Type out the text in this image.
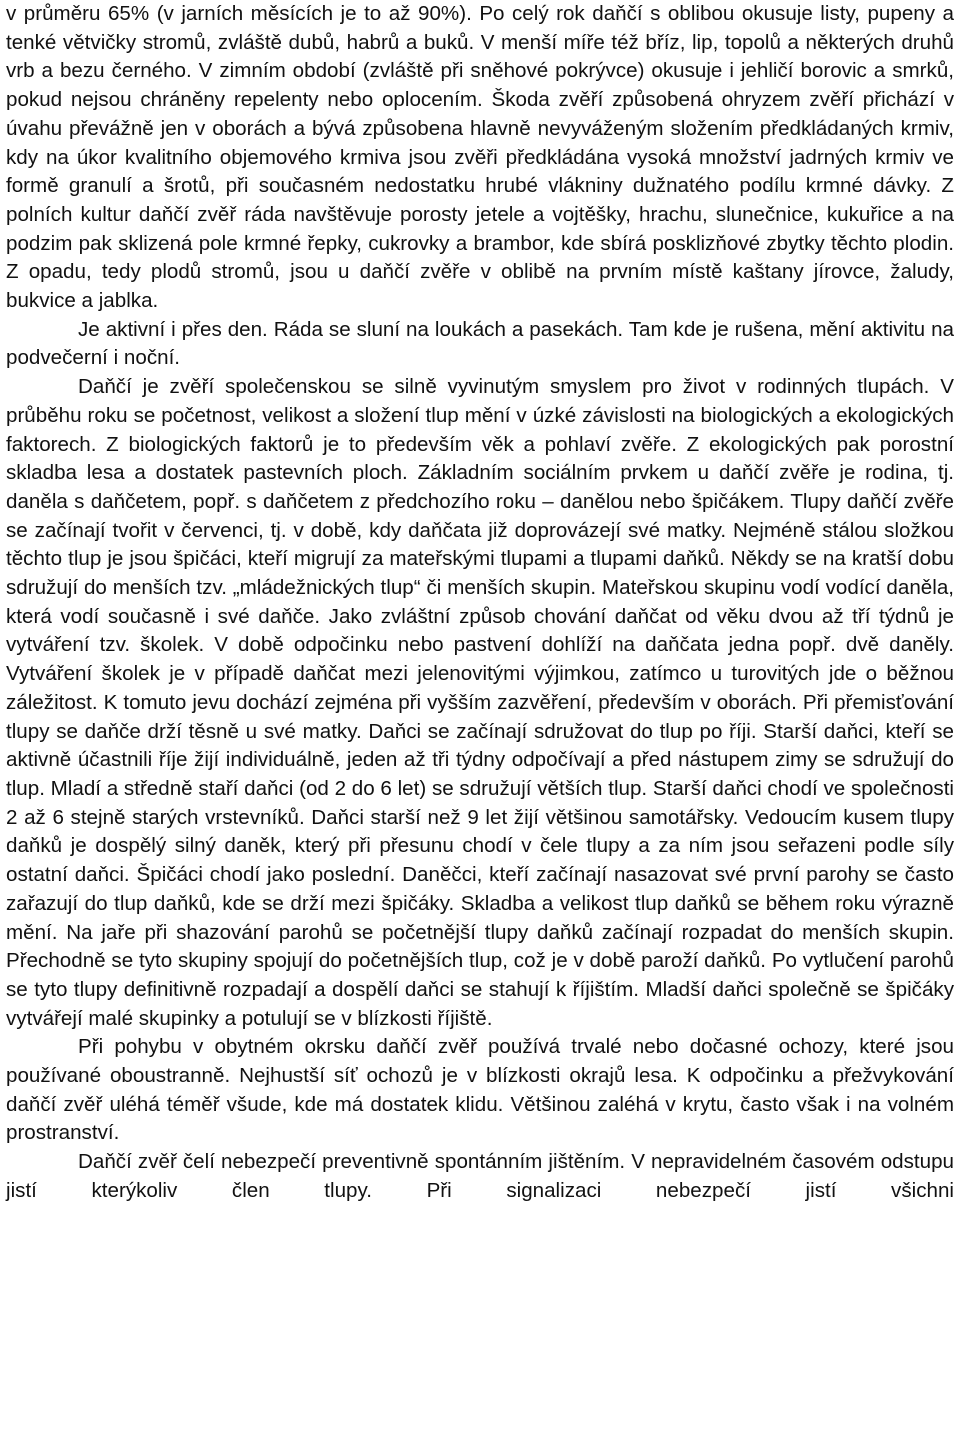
v průměru 65% (v jarních měsících je to až 90%). Po celý rok daňčí s oblibou okusuje listy, pupeny a tenké větvičky stromů, zvláště dubů, habrů a buků. V menší míře též bříz, lip, topolů a některých druhů vrb a bezu černého. V zimním období (zvláště při sněhové pokrývce) okusuje i jehličí borovic a smrků, pokud nejsou chráněny repelenty nebo oplocením. Škoda zvěří způsobená ohryzem zvěří přichází v úvahu převážně jen v oborách a bývá způsobena hlavně nevyváženým složením předkládaných krmiv, kdy na úkor kvalitního objemového krmiva jsou zvěři předkládána vysoká množství jadrných krmiv ve formě granulí a šrotů, při současném nedostatku hrubé vlákniny dužnatého podílu krmné dávky. Z polních kultur daňčí zvěř ráda navštěvuje porosty jetele a vojtěšky, hrachu, slunečnice, kukuřice a na podzim pak sklizená pole krmné řepky, cukrovky a brambor, kde sbírá posklizňové zbytky těchto plodin. Z opadu, tedy plodů stromů, jsou u daňčí zvěře v oblibě na prvním místě kaštany jírovce, žaludy, bukvice a jablka.

Je aktivní i přes den. Ráda se sluní na loukách a pasekách. Tam kde je rušena, mění aktivitu na podvečerní i noční.

Daňčí je zvěří společenskou se silně vyvinutým smyslem pro život v rodinných tlupách. V průběhu roku se početnost, velikost a složení tlup mění v úzké závislosti na biologických a ekologických faktorech. Z biologických faktorů je to především věk a pohlaví zvěře. Z ekologických pak porostní skladba lesa a dostatek pastevních ploch. Základním sociálním prvkem u daňčí zvěře je rodina, tj. daněla s daňčetem, popř. s daňčetem z předchozího roku – danělou nebo špičákem. Tlupy daňčí zvěře se začínají tvořit v červenci, tj. v době, kdy daňčata již doprovázejí své matky. Nejméně stálou složkou těchto tlup je jsou špičáci, kteří migrují za mateřskými tlupami a tlupami daňků. Někdy se na kratší dobu sdružují do menších tzv. „mládežnických tlup“ či menších skupin. Mateřskou skupinu vodí vodící daněla, která vodí současně i své daňče. Jako zvláštní způsob chování daňčat od věku dvou až tří týdnů je vytváření tzv. školek. V době odpočinku nebo pastvení dohlíží na daňčata jedna popř. dvě daněly. Vytváření školek je v případě daňčat mezi jelenovitými výjimkou, zatímco u turovitých jde o běžnou záležitost. K tomuto jevu dochází zejména při vyšším zazvěření, především v oborách. Při přemisťování tlupy se daňče drží těsně u své matky. Daňci se začínají sdružovat do tlup po říji. Starší daňci, kteří se aktivně účastnili říje žijí individuálně, jeden až tři týdny odpočívají a před nástupem zimy se sdružují do tlup. Mladí a středně staří daňci (od 2 do 6 let) se sdružují větších tlup. Starší daňci chodí ve společnosti 2 až 6 stejně starých vrstevníků. Daňci starší než 9 let žijí většinou samotářsky. Vedoucím kusem tlupy daňků je dospělý silný daněk, který při přesunu chodí v čele tlupy a za ním jsou seřazeni podle síly ostatní daňci. Špičáci chodí jako poslední. Daněčci, kteří začínají nasazovat své první parohy se často zařazují do tlup daňků, kde se drží mezi špičáky. Skladba a velikost tlup daňků se během roku výrazně mění. Na jaře při shazování parohů se početnější tlupy daňků začínají rozpadat do menších skupin. Přechodně se tyto skupiny spojují do početnějších tlup, což je v době paroží daňků. Po vytlučení parohů se tyto tlupy definitivně rozpadají a dospělí daňci se stahují k říjištím. Mladší daňci společně se špičáky vytvářejí malé skupinky a potulují se v blízkosti říjiště.

Při pohybu v obytném okrsku daňčí zvěř používá trvalé nebo dočasné ochozy, které jsou používané oboustranně. Nejhustší síť ochozů je v blízkosti okrajů lesa. K odpočinku a přežvykování daňčí zvěř uléhá téměř všude, kde má dostatek klidu. Většinou zaléhá v krytu, často však i na volném prostranství.

Daňčí zvěř čelí nebezpečí preventivně spontánním jištěním. V nepravidelném časovém odstupu jistí kterýkoliv člen tlupy. Při signalizaci nebezpečí jistí všichni
